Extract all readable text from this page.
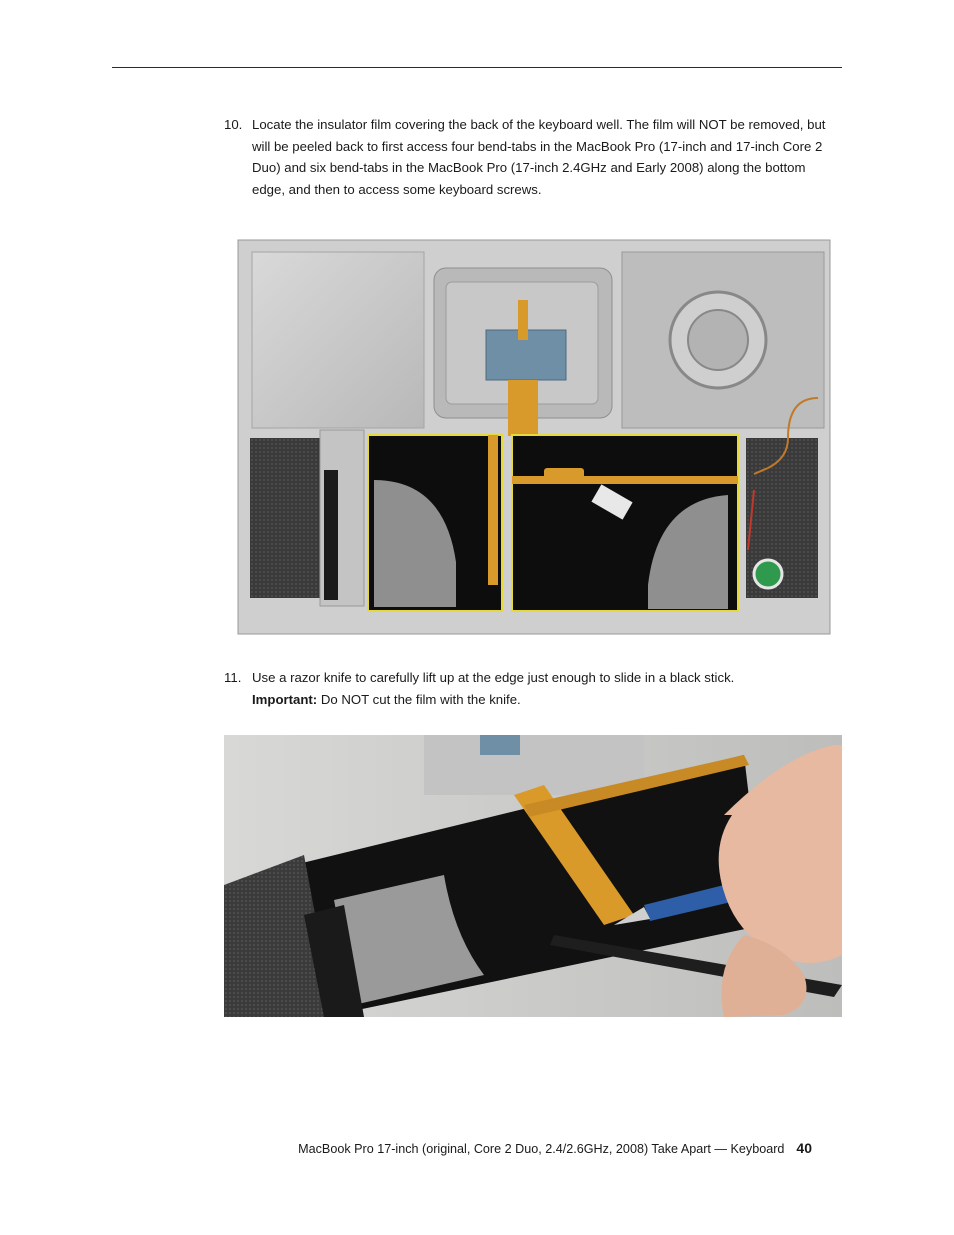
10. Locate the insulator film covering the back of the keyboard well. The film will NOT be removed, but will be peeled back to first access four bend-tabs in the MacBook Pro (17-inch and 17-inch Core 2 Duo) and six bend-tabs in the MacBook Pro (17-inch 2.4GHz and Early 2008) along the bottom edge, and then to access some keyboard screws.
11. Use a razor knife to carefully lift up at the edge just enough to slide in a black stick.
Important: Do NOT cut the film with the knife.
MacBook Pro 17-inch (original, Core 2 Duo, 2.4/2.6GHz, 2008) Take Apart — Keyboard 40
